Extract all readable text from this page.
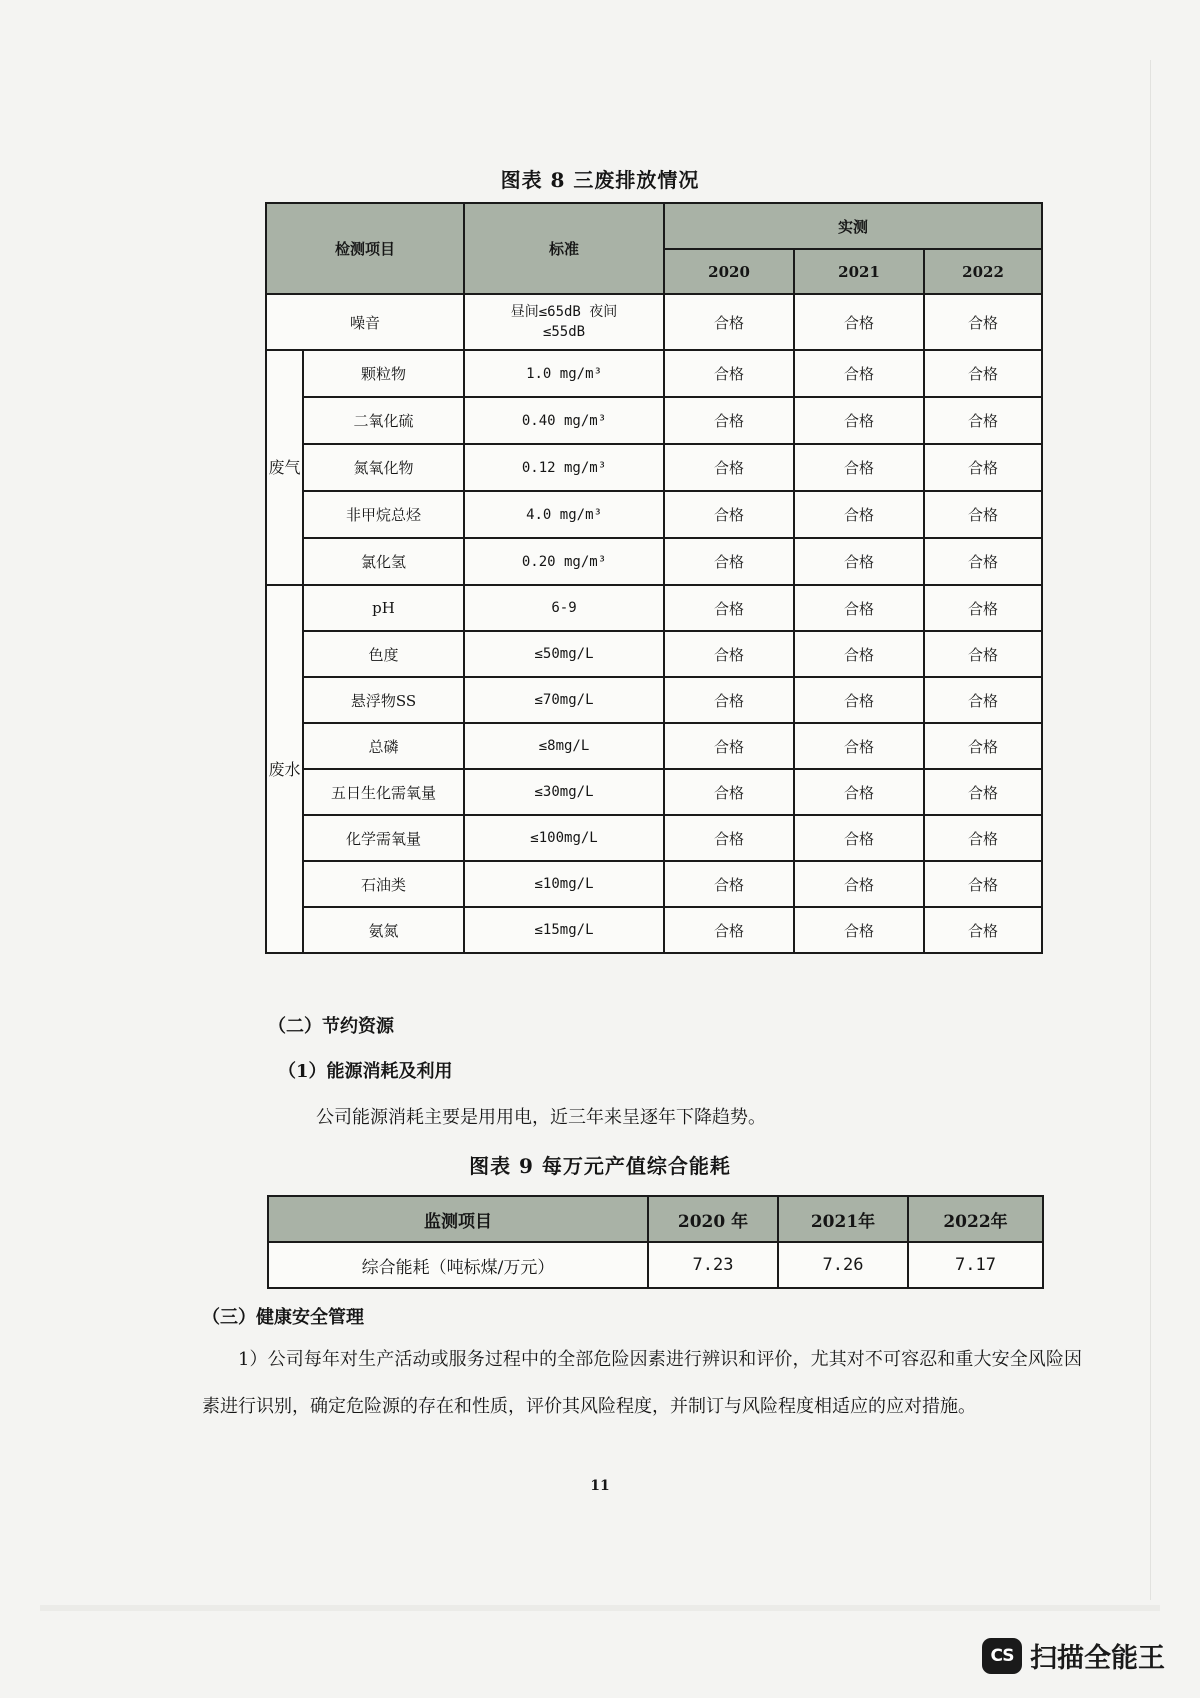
图表 8 三废排放情况
检测项目		标准	实测		
			2020	2021	2022
噪音		昼间≤65dB 夜间≤55dB	合格	合格	合格
废气	颗粒物	1.0 mg/m³	合格	合格	合格
	二氧化硫	0.40 mg/m³	合格	合格	合格
	氮氧化物	0.12 mg/m³	合格	合格	合格
	非甲烷总烃	4.0 mg/m³	合格	合格	合格
	氯化氢	0.20 mg/m³	合格	合格	合格
废水	pH	6-9	合格	合格	合格
	色度	≤50mg/L	合格	合格	合格
	悬浮物SS	≤70mg/L	合格	合格	合格
	总磷	≤8mg/L	合格	合格	合格
	五日生化需氧量	≤30mg/L	合格	合格	合格
	化学需氧量	≤100mg/L	合格	合格	合格
	石油类	≤10mg/L	合格	合格	合格
	氨氮	≤15mg/L	合格	合格	合格
（二）节约资源
（1）能源消耗及利用
公司能源消耗主要是用用电，近三年来呈逐年下降趋势。
图表 9 每万元产值综合能耗
监测项目	2020 年	2021年	2022年
综合能耗（吨标煤/万元）	7.23	7.26	7.17
（三）健康安全管理
1）公司每年对生产活动或服务过程中的全部危险因素进行辨识和评价，尤其对不可容忍和重大安全风险因素进行识别，确定危险源的存在和性质，评价其风险程度，并制订与风险程度相适应的应对措施。
11
CS 扫描全能王
